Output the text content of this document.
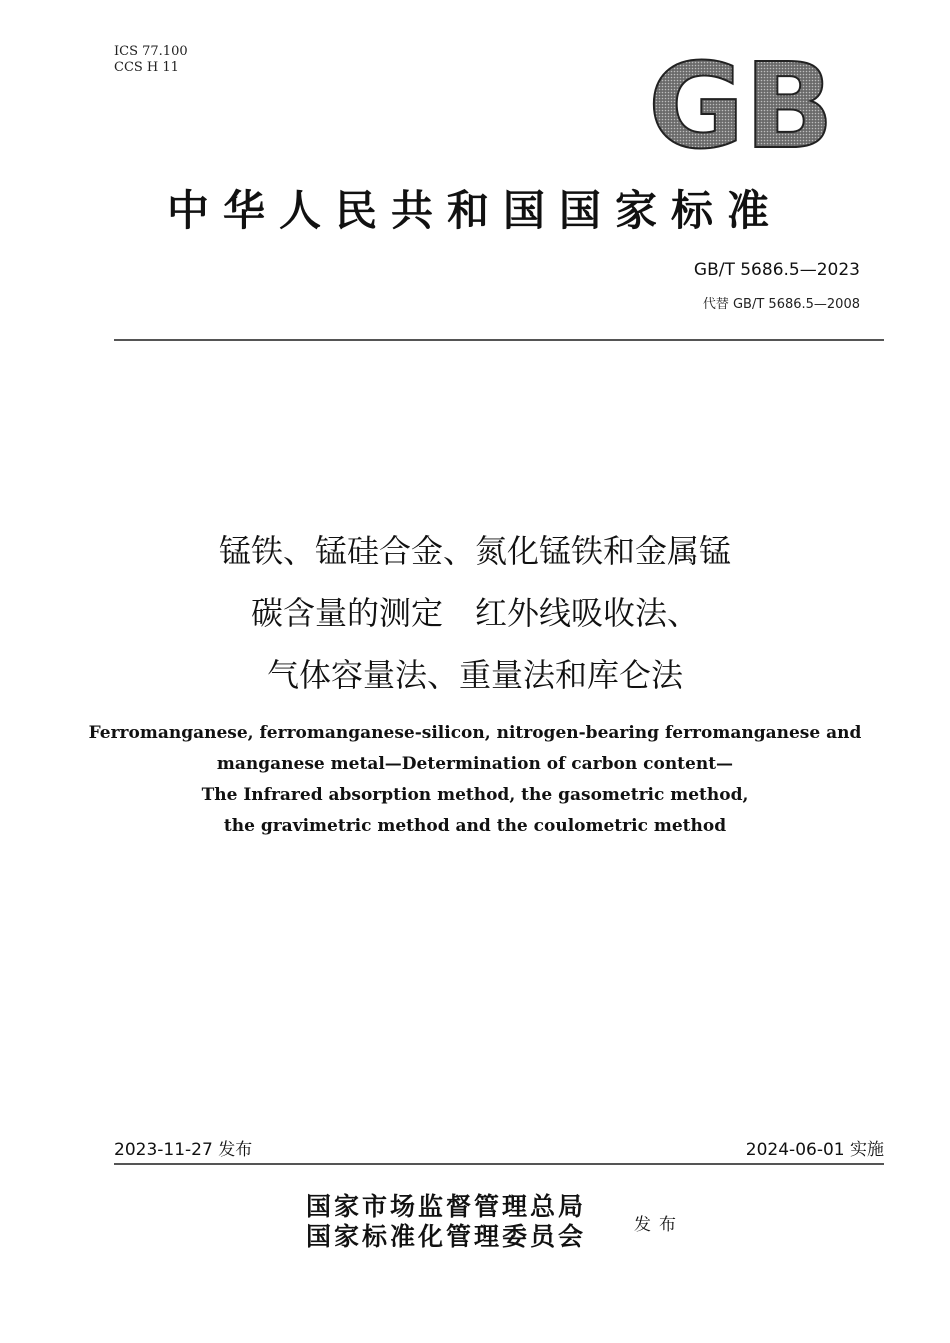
ICS 77.100
CCS H 11	GB
中华人民共和国国家标准
GB/T 5686.5—2023
代替 GB/T 5686.5—2008
锰铁、锰硅合金、氮化锰铁和金属锰
碳含量的测定　红外线吸收法、
气体容量法、重量法和库仑法
Ferromanganese, ferromanganese-silicon, nitrogen-bearing ferromanganese and
manganese metal—Determination of carbon content—
The Infrared absorption method, the gasometric method,
the gravimetric method and the coulometric method
2023-11-27 发布	2024-06-01 实施
国家市场监督管理总局
国家标准化管理委员会	发布
